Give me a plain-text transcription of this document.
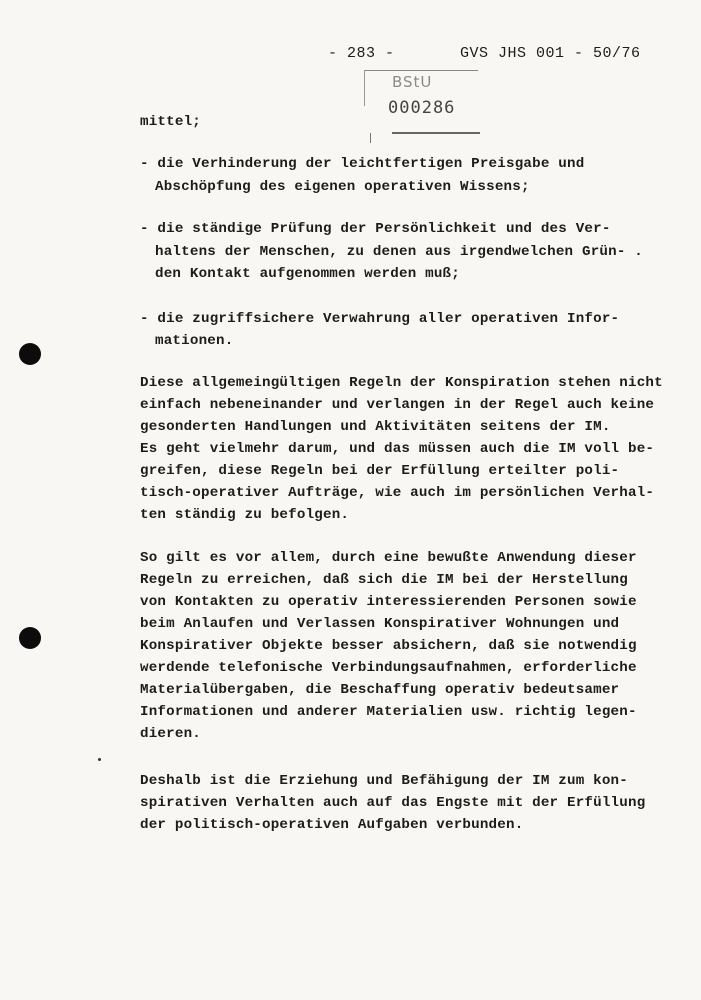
- 283 -	GVS JHS 001 - 50/76
BStU
000286
mittel;
- die Verhinderung der leichtfertigen Preisgabe und
Abschöpfung des eigenen operativen Wissens;
- die ständige Prüfung der Persönlichkeit und des Ver-
haltens der Menschen, zu denen aus irgendwelchen Grün- .
den Kontakt aufgenommen werden muß;
- die zugriffsichere Verwahrung aller operativen Infor-
mationen.
Diese allgemeingültigen Regeln der Konspiration stehen nicht
einfach nebeneinander und verlangen in der Regel auch keine
gesonderten Handlungen und Aktivitäten seitens der IM.
Es geht vielmehr darum, und das müssen auch die IM voll be-
greifen, diese Regeln bei der Erfüllung erteilter poli-
tisch-operativer Aufträge, wie auch im persönlichen Verhal-
ten ständig zu befolgen.
So gilt es vor allem, durch eine bewußte Anwendung dieser
Regeln zu erreichen, daß sich die IM bei der Herstellung
von Kontakten zu operativ interessierenden Personen sowie
beim Anlaufen und Verlassen Konspirativer Wohnungen und
Konspirativer Objekte besser absichern, daß sie notwendig
werdende telefonische Verbindungsaufnahmen, erforderliche
Materialübergaben, die Beschaffung operativ bedeutsamer
Informationen und anderer Materialien usw. richtig legen-
dieren.
Deshalb ist die Erziehung und Befähigung der IM zum kon-
spirativen Verhalten auch auf das Engste mit der Erfüllung
der politisch-operativen Aufgaben verbunden.
